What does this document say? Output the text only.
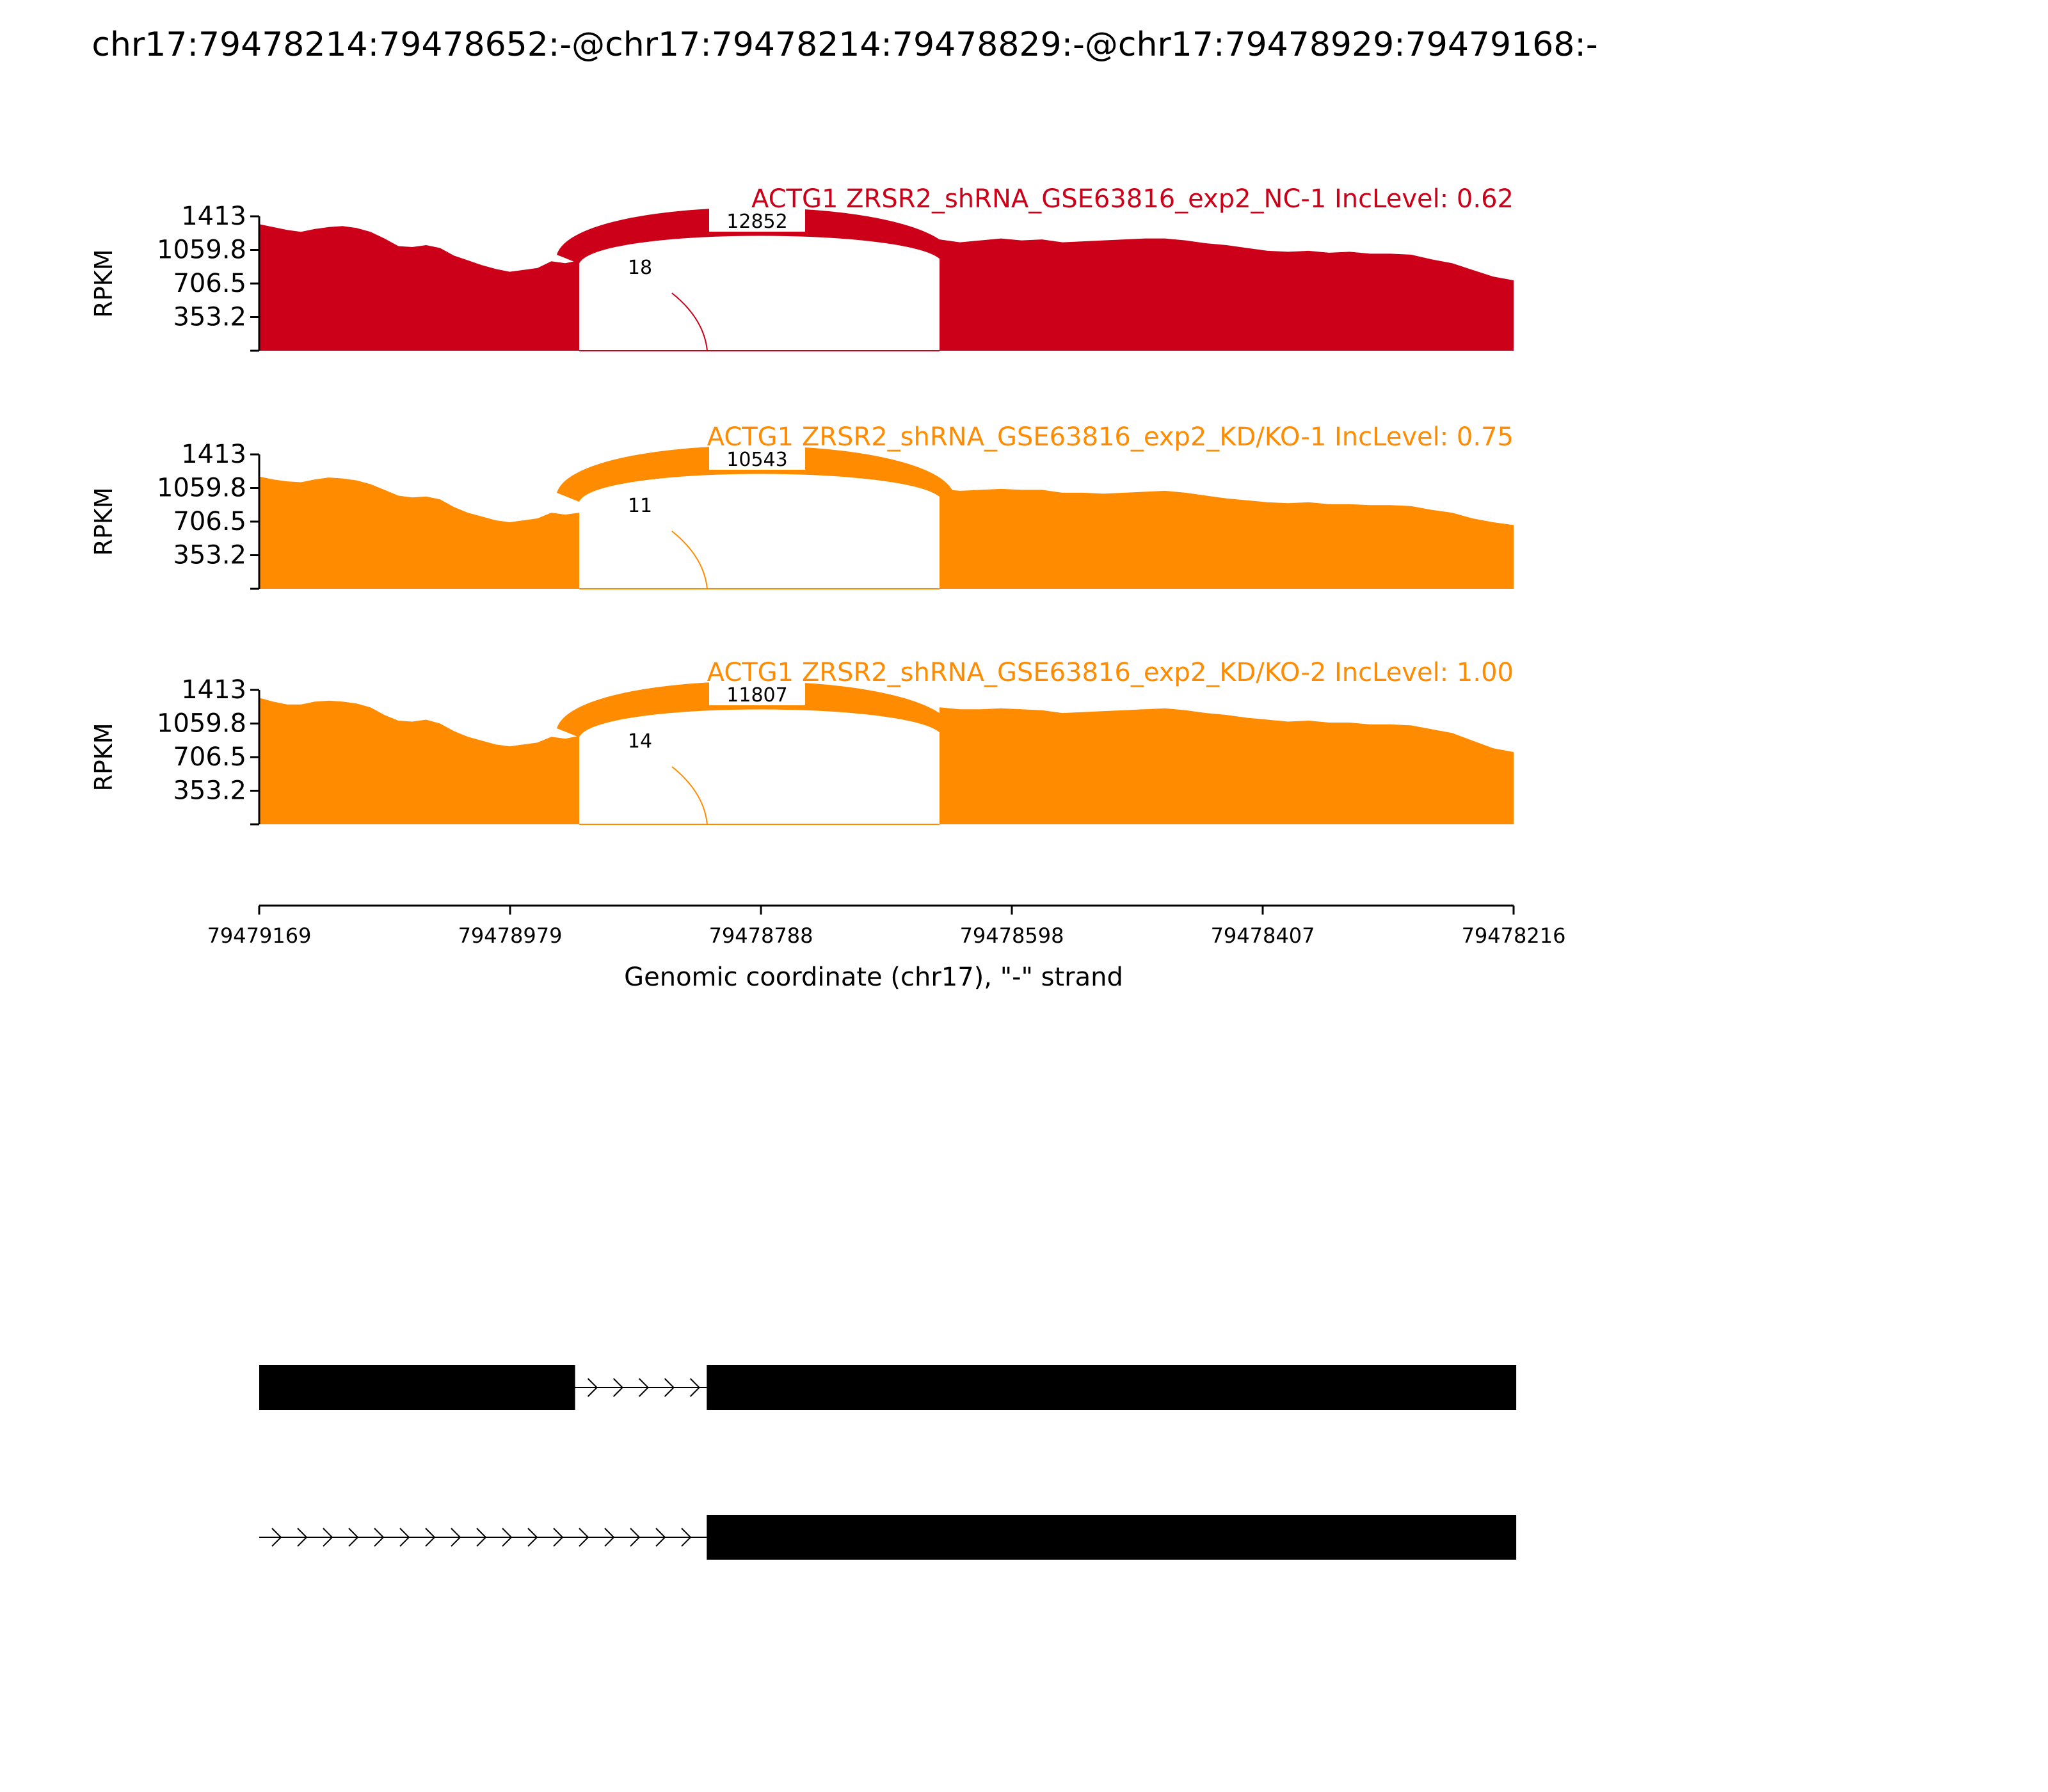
chr17:79478214:79478652:-@chr17:79478214:79478829:-@chr17:79478929:79479168:-
12852
18
ACTG1 ZRSR2_shRNA_GSE63816_exp2_NC-1 IncLevel: 0.62
353.2
706.5
1059.8
1413
RPKM
10543
11
ACTG1 ZRSR2_shRNA_GSE63816_exp2_KD/KO-1 IncLevel: 0.75
353.2
706.5
1059.8
1413
RPKM
11807
14
ACTG1 ZRSR2_shRNA_GSE63816_exp2_KD/KO-2 IncLevel: 1.00
353.2
706.5
1059.8
1413
RPKM
79479169	79478979	79478788	79478598	79478407	79478216
Genomic coordinate (chr17), "-" strand
